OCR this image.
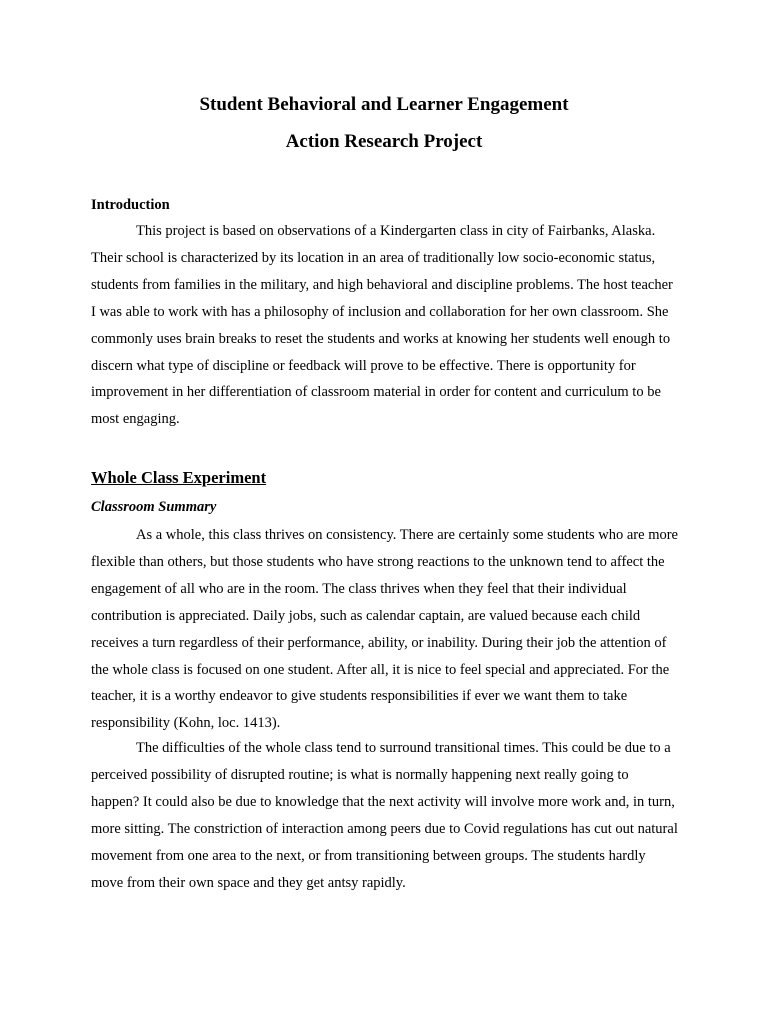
Student Behavioral and Learner Engagement
Action Research Project
Introduction

This project is based on observations of a Kindergarten class in city of Fairbanks, Alaska. Their school is characterized by its location in an area of traditionally low socio-economic status, students from families in the military, and high behavioral and discipline problems. The host teacher I was able to work with has a philosophy of inclusion and collaboration for her own classroom. She commonly uses brain breaks to reset the students and works at knowing her students well enough to discern what type of discipline or feedback will prove to be effective. There is opportunity for improvement in her differentiation of classroom material in order for content and curriculum to be most engaging.

Whole Class Experiment
Classroom Summary

As a whole, this class thrives on consistency. There are certainly some students who are more flexible than others, but those students who have strong reactions to the unknown tend to affect the engagement of all who are in the room. The class thrives when they feel that their individual contribution is appreciated. Daily jobs, such as calendar captain, are valued because each child receives a turn regardless of their performance, ability, or inability. During their job the attention of the whole class is focused on one student. After all, it is nice to feel special and appreciated. For the teacher, it is a worthy endeavor to give students responsibilities if ever we want them to take responsibility (Kohn, loc. 1413).

The difficulties of the whole class tend to surround transitional times. This could be due to a perceived possibility of disrupted routine; is what is normally happening next really going to happen? It could also be due to knowledge that the next activity will involve more work and, in turn, more sitting. The constriction of interaction among peers due to Covid regulations has cut out natural movement from one area to the next, or from transitioning between groups. The students hardly move from their own space and they get antsy rapidly.
